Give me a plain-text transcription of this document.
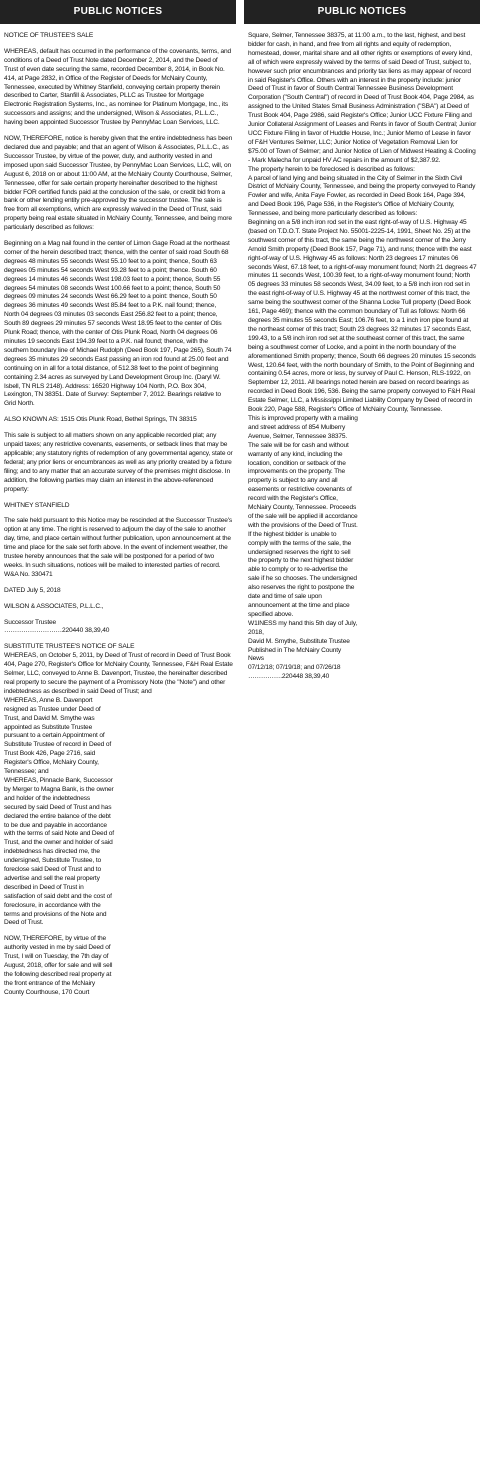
PUBLIC NOTICES

NOTICE OF TRUSTEE'S SALE

WHEREAS, default has occurred in the performance of the covenants, terms, and conditions of a Deed of Trust Note dated December 2, 2014, and the Deed of Trust of even date securing the same, recorded December 8, 2014, in Book No. 414, at Page 2832, in Office of the Register of Deeds for McNairy County, Tennessee, executed by Whitney Stanfield, conveying certain property therein described to Carter, Stanfill & Associates, PLLC as Trustee for Mortgage Electronic Registration Systems, Inc., as nominee for Platinum Mortgage, Inc., its successors and assigns; and the undersigned, Wilson & Associates, P.L.L.C., having been appointed Successor Trustee by PennyMac Loan Services, LLC.

NOW, THEREFORE, notice is hereby given that the entire indebtedness has been declared due and payable; and that an agent of Wilson & Associates, P.L.L.C., as Successor Trustee, by virtue of the power, duty, and authority vested in and imposed upon said Successor Trustee, by PennyMac Loan Services, LLC, will, on August 6, 2018 on or about 11:00 AM, at the McNairy County Courthouse, Selmer, Tennessee, offer for sale certain property hereinafter described to the highest bidder FOR certified funds paid at the conclusion of the sale, or credit bid from a bank or other lending entity pre-approved by the successor trustee. The sale is free from all exemptions, which are expressly waived in the Deed of Trust, said property being real estate situated in McNairy County, Tennessee, and being more particularly described as follows:

Beginning on a Mag nail found in the center of Limon Gage Road at the northeast corner of the herein described tract; thence, with the center of said road South 68 degrees 48 minutes 55 seconds West 55.10 feet to a point; thence, South 63 degrees 05 minutes 54 seconds West 93.28 feet to a point; thence. South 60 degrees 14 minutes 46 seconds West 198.03 feet to a point; thence, South 55 degrees 54 minutes 08 seconds West 100.66 feet to a point; thence, South 50 degrees 09 minutes 24 seconds West 66.29 feet to a point: thence, South 50 degrees 36 minutes 49 seconds West 85.84 feet to a P.K. nail found; thence, North 04 degrees 03 minutes 03 seconds East 256.82 feet to a point; thence, South 89 degrees 29 minutes 57 seconds West 18.95 feet to the center of Otis Plunk Road; thence, with the center of Otis Plunk Road, North 04 degrees 06 minutes 19 seconds East 194.39 feet to a P.K. nail found; thence, with the southern boundary line of Michael Rudolph (Deed Book 197, Page 265), South 74 degrees 35 minutes 29 seconds East passing an iron rod found at 25.00 feet and continuing on in all for a total distance, of 512.38 feet to the point of beginning containing 2.34 acres as surveyed by Land Development Group Inc. (Daryl W. Isbell, TN RLS 2148). Address: 16520 Highway 104 North, P.O. Box 304, Lexington, TN 38351. Date of Survey: September 7, 2012. Bearings relative to Grid North.

ALSO KNOWN AS: 1515 Otis Plunk Road, Bethel Springs, TN 38315

This sale is subject to all matters shown on any applicable recorded plat; any unpaid taxes; any restrictive covenants, easements, or setback lines that may be applicable; any statutory rights of redemption of any governmental agency, state or federal; any prior liens or encumbrances as well as any priority created by a fixture filing; and to any matter that an accurate survey of the premises might disclose. In addition, the following parties may claim an interest in the above-referenced property:

WHITNEY STANFIELD

The sale held pursuant to this Notice may be rescinded at the Successor Trustee's option at any time. The right is reserved to adjourn the day of the sale to another day, time, and place certain without further publication, upon announcement at the time and place for the sale set forth above. In the event of inclement weather, the trustee hereby announces that the sale will be postponed for a period of two weeks. In such situations, notices will be mailed to interested parties of record. W&A No. 330471

DATED July 5, 2018

WILSON & ASSOCIATES, P.L.L.C.,

Successor Trustee

………………………220440 38,39,40

SUBSTITUTE TRUSTEE'S NOTICE OF SALE

WHEREAS, on October 5, 2011, by Deed of Trust of record in Deed of Trust Book 404, Page 270, Register's Office for McNairy County, Tennessee, F&H Real Estate Selmer, LLC, conveyed to Anne B. Davenport, Trustee, the hereinafter described real property to secure the payment of a Promissory Note (the "Note") and other indebtedness as described in said Deed of Trust; and

WHEREAS, Anne B. Davenport resigned as Trustee under Deed of Trust, and David M. Smythe was appointed as Substitute Trustee pursuant to a certain Appointment of Substitute Trustee of record in Deed of Trust Book 426, Page 2716, said Register's Office, McNairy County, Tennessee; and

WHEREAS, Pinnacle Bank, Successor by Merger to Magna Bank, is the owner and holder of the indebtedness secured by said Deed of Trust and has declared the entire balance of the debt to be due and payable in accordance with the terms of said Note and Deed of Trust, and the owner and holder of said indebtedness has directed me, the undersigned, Substitute Trustee, to foreclose said Deed of Trust and to advertise and sell the real property described in Deed of Trust in satisfaction of said debt and the cost of foreclosure, in accordance with the terms and provisions of the Note and Deed of Trust.

NOW, THEREFORE, by virtue of the authority vested in me by said Deed of Trust, I will on Tuesday, the 7th day of August, 2018, offer for sale and will sell the following described real property at the front entrance of the McNairy County Courthouse, 170 Court

PUBLIC NOTICES

Square, Selmer, Tennessee 38375, at 11:00 a.m., to the last, highest, and best bidder for cash, in hand, and free from all rights and equity of redemption, homestead, dower, marital share and all other rights or exemptions of every kind, all of which were expressly waived by the terms of said Deed of Trust, subject to, however such prior encumbrances and priority tax liens as may appear of record in said Register's Office. Others with an interest in the property include: junior Deed of Trust in favor of South Central Tennessee Business Development Corporation ("South Central") of record in Deed of Trust Book 404, Page 2984, as assigned to the United States Small Business Administration ("SBA") at Deed of Trust Book 404, Page 2986, said Register's Office; Junior UCC Fixture Filing and Junior Collateral Assignment of Leases and Rents in favor of South Central; Junior UCC Fixture Filing in favor of Huddle House, Inc.; Junior Memo of Lease in favor of F&H Ventures Selmer, LLC; Junior Notice of Vegetation Removal Lien for $75.00 of Town of Selmer; and Junior Notice of Lien of Midwest Heating & Cooling - Mark Malecha for unpaid HV AC repairs in the amount of $2,387.92.

The property herein to be foreclosed is described as follows:

A parcel of land lying and being situated in the City of Selmer in the Sixth Civil District of McNairy County, Tennessee, and being the property conveyed to Randy Fowler and wife, Anita Faye Fowler, as recorded in Deed Book 164, Page 394, and Deed Book 196, Page 536, in the Register's Office of McNairy County, Tennessee, and being more particularly described as follows:

Beginning on a 5/8 inch iron rod set in the east right-of-way of U.S. Highway 45 (based on T.D.O.T. State Project No. 55001-2225-14, 1991, Sheet No. 25) at the southwest corner of this tract, the same being the northwest corner of the Jerry Arnold Smith property (Deed Book 157, Page 71), and runs; thence with the east right-of-way of U.S. Highway 45 as follows: North 23 degrees 17 minutes 06 seconds West, 67.18 feet, to a right-of-way monument found; North 21 degrees 47 minutes 11 seconds West, 100.39 feet, to a right-of-way monument found; North 05 degrees 33 minutes 58 seconds West, 34.09 feet, to a 5/8 inch iron rod set in the east right-of-way of U.S. Highway 45 at the northwest corner of this tract, the same being the southwest corner of the Shanna Locke Tull property (Deed Book 161, Page 469); thence with the common boundary of Tull as follows: North 66 degrees 35 minutes 55 seconds East; 106.76 feet, to a 1 inch iron pipe found at the northeast corner of this tract; South 23 degrees 32 minutes 17 seconds East, 199.43, to a 5/8 inch iron rod set at the southeast corner of this tract, the same being a southwest corner of Locke, and a point in the north boundary of the aforementioned Smith property; thence, South 66 degrees 20 minutes 15 seconds West, 120.64 feet, with the north boundary of Smith, to the Point of Beginning and containing 0.54 acres, more or less, by survey of Paul C. Henson, RLS-1922, on September 12, 2011. All bearings noted herein are based on record bearings as recorded in Deed Book 196, 536. Being the same property conveyed to F&H Real Estate Selmer, LLC, a Mississippi Limited Liability Company by Deed of record in Book 220, Page 588, Register's Office of McNairy County, Tennessee.

This is improved property with a mailing and street address of 854 Mulberry Avenue, Selmer, Tennessee 38375.

The sale will be for cash and without warranty of any kind, including the location, condition or setback of the improvements on the property. The property is subject to any and all easements or restrictive covenants of record with the Register's Office, McNairy County, Tennessee. Proceeds of the sale will be applied ill accordance with the provisions of the Deed of Trust. If the highest bidder is unable to comply with the terms of the sale, the undersigned reserves the right to sell the property to the next highest bidder able to comply or to re-advertise the sale if he so chooses. The undersigned also reserves the right to postpone the date and time of sale upon announcement at the time and place specified above.

W1INESS my hand this 5th day of July, 2018,

David M. Smythe, Substitute Trustee

Published in The McNairy County News

07/12/18; 07/19/18; and 07/26/18

…………….220448 38,39,40
